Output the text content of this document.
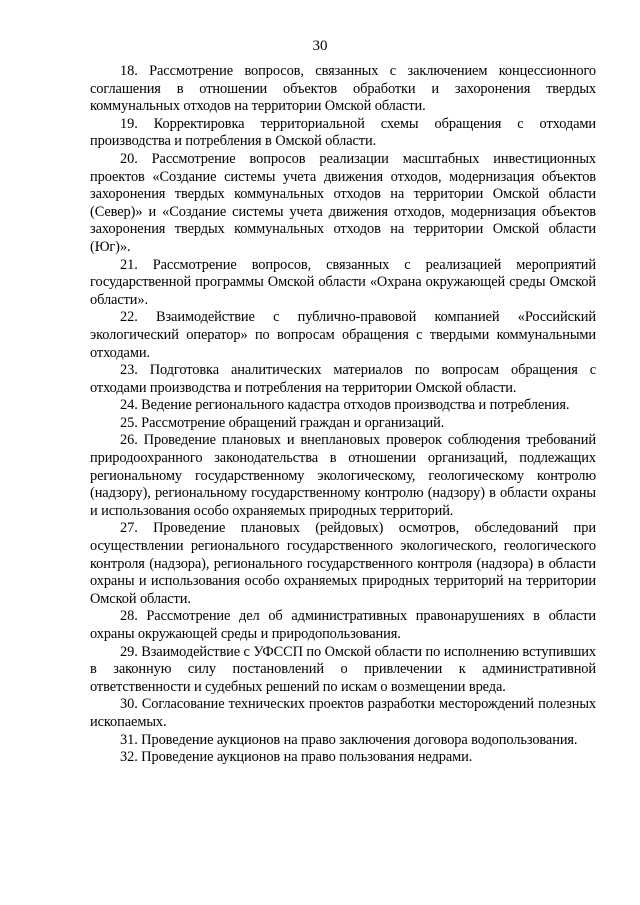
30

18. Рассмотрение вопросов, связанных с заключением концессионного соглашения в отношении объектов обработки и захоронения твердых коммунальных отходов на территории Омской области.

19. Корректировка территориальной схемы обращения с отходами производства и потребления в Омской области.

20. Рассмотрение вопросов реализации масштабных инвестиционных проектов «Создание системы учета движения отходов, модернизация объектов захоронения твердых коммунальных отходов на территории Омской области (Север)» и «Создание системы учета движения отходов, модернизация объектов захоронения твердых коммунальных отходов на территории Омской области (Юг)».

21. Рассмотрение вопросов, связанных с реализацией мероприятий государственной программы Омской области «Охрана окружающей среды Омской области».

22. Взаимодействие с публично-правовой компанией «Российский экологический оператор» по вопросам обращения с твердыми коммунальными отходами.

23. Подготовка аналитических материалов по вопросам обращения с отходами производства и потребления на территории Омской области.

24. Ведение регионального кадастра отходов производства и потребления.

25. Рассмотрение обращений граждан и организаций.

26. Проведение плановых и внеплановых проверок соблюдения требований природоохранного законодательства в отношении организаций, подлежащих региональному государственному экологическому, геологическому контролю (надзору), региональному государственному контролю (надзору) в области охраны и использования особо охраняемых природных территорий.

27. Проведение плановых (рейдовых) осмотров, обследований при осуществлении регионального государственного экологического, геологического контроля (надзора), регионального государственного контроля (надзора) в области охраны и использования особо охраняемых природных территорий на территории Омской области.

28. Рассмотрение дел об административных правонарушениях в области охраны окружающей среды и природопользования.

29. Взаимодействие с УФССП по Омской области по исполнению вступивших в законную силу постановлений о привлечении к административной ответственности и судебных решений по искам о возмещении вреда.

30. Согласование технических проектов разработки месторождений полезных ископаемых.

31. Проведение аукционов на право заключения договора водопользования.

32. Проведение аукционов на право пользования недрами.
